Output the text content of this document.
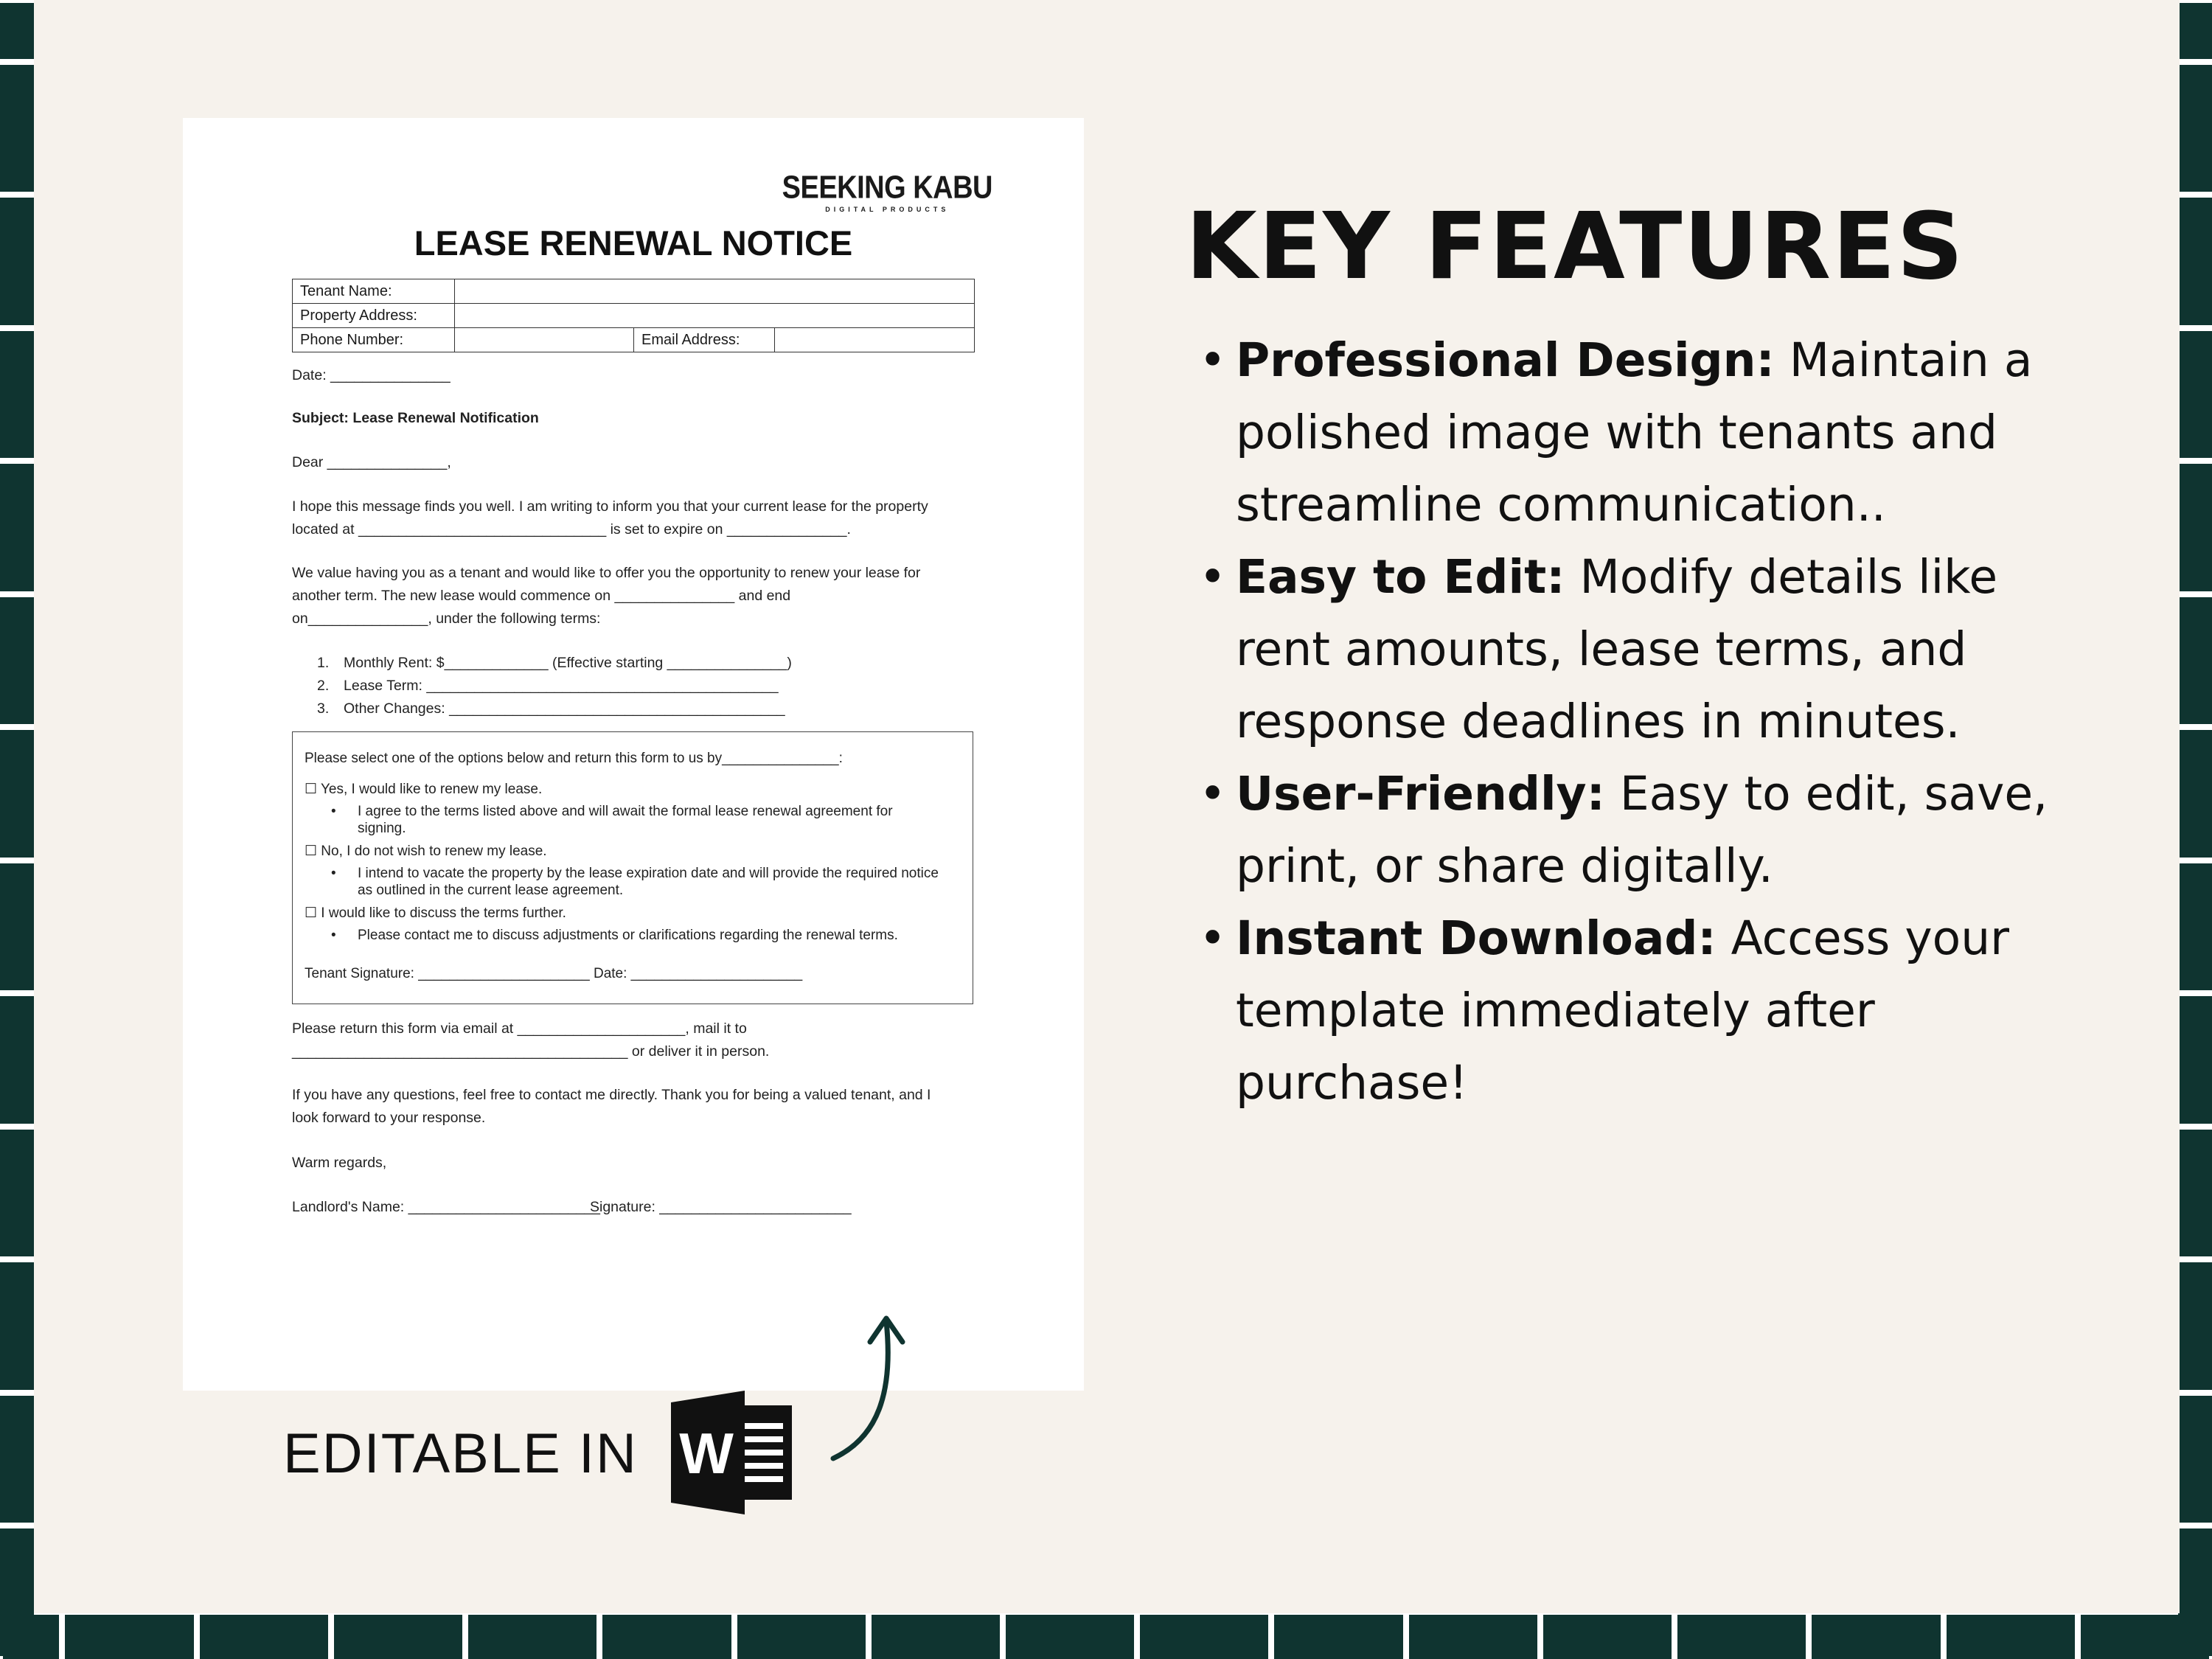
SEEKING KABU
DIGITAL PRODUCTS
LEASE RENEWAL NOTICE
Tenant Name:			
Property Address:			
Phone Number:		Email Address:	
Date: _______________
Subject: Lease Renewal Notification
Dear _______________,
I hope this message finds you well. I am writing to inform you that your current lease for the property
located at _______________________________ is set to expire on _______________.
We value having you as a tenant and would like to offer you the opportunity to renew your lease for
another term. The new lease would commence on _______________ and end
on_______________, under the following terms:
1. Monthly Rent: $_____________ (Effective starting _______________)
2. Lease Term: ____________________________________________
3. Other Changes: __________________________________________
Please select one of the options below and return this form to us by_______________:
☐ Yes, I would like to renew my lease.
•	I agree to the terms listed above and will await the formal lease renewal agreement for signing.
☐ No, I do not wish to renew my lease.
•	I intend to vacate the property by the lease expiration date and will provide the required notice as outlined in the current lease agreement.
☐ I would like to discuss the terms further.
•	Please contact me to discuss adjustments or clarifications regarding the renewal terms.
Tenant Signature: ______________________ Date: ______________________
Please return this form via email at _____________________, mail it to
__________________________________________ or deliver it in person.
If you have any questions, feel free to contact me directly. Thank you for being a valued tenant, and I
look forward to your response.
Warm regards,
Landlord's Name: ________________________
Signature: ________________________
EDITABLE IN W
KEY FEATURES
• Professional Design: Maintain a polished image with tenants and streamline communication..
• Easy to Edit: Modify details like rent amounts, lease terms, and response deadlines in minutes.
• User-Friendly: Easy to edit, save, print, or share digitally.
• Instant Download: Access your template immediately after purchase!
